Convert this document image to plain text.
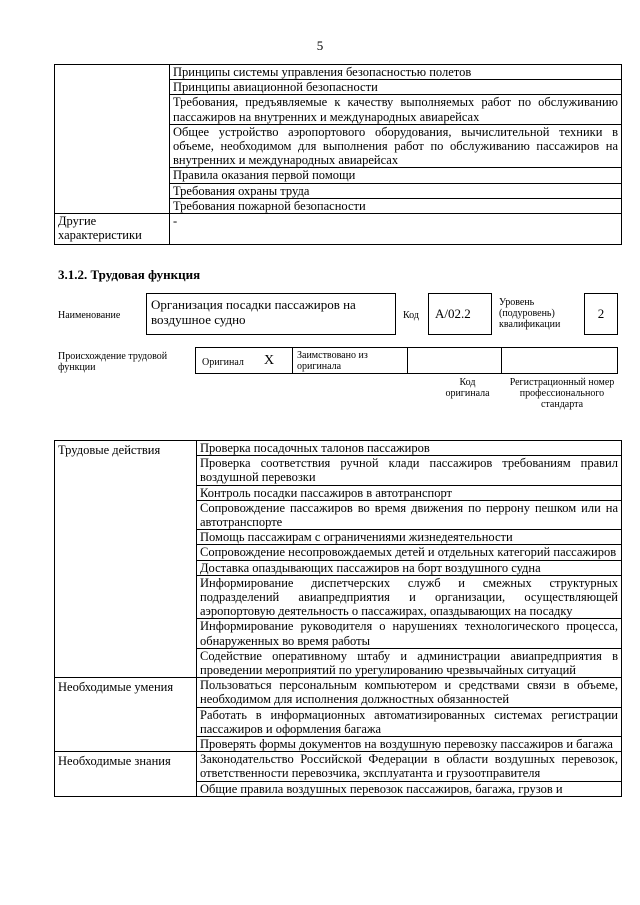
5
	Принципы системы управления безопасностью полетов
	Принципы авиационной безопасности
	Требования, предъявляемые к качеству выполняемых работ по обслуживанию пассажиров на внутренних и международных авиарейсах
	Общее устройство аэропортового оборудования, вычислительной техники в объеме, необходимом для выполнения работ по обслуживанию пассажиров на внутренних и международных авиарейсах
	Правила оказания первой помощи
	Требования охраны труда
	Требования пожарной безопасности
Другие характеристики	-
3.1.2. Трудовая функция
Наименование
Организация посадки пассажиров на воздушное судно	Код	А/02.2
Уровень (подуровень) квалификации
2
Происхождение трудовой функции	Оригинал X Заимствовано из оригинала
Код оригинала
Регистрационный номер профессионального стандарта
Трудовые действия	Проверка посадочных талонов пассажиров
	Проверка соответствия ручной клади пассажиров требованиям правил воздушной перевозки
	Контроль посадки пассажиров в автотранспорт
	Сопровождение пассажиров во время движения по перрону пешком или на автотранспорте
	Помощь пассажирам с ограничениями жизнедеятельности
	Сопровождение несопровождаемых детей и отдельных категорий пассажиров
	Доставка опаздывающих пассажиров на борт воздушного судна
	Информирование диспетчерских служб и смежных структурных подразделений авиапредприятия и организации, осуществляющей аэропортовую деятельность о пассажирах, опаздывающих на посадку
	Информирование руководителя о нарушениях технологического процесса, обнаруженных во время работы
	Содействие оперативному штабу и администрации авиапредприятия в проведении мероприятий по урегулированию чрезвычайных ситуаций
Необходимые умения	Пользоваться персональным компьютером и средствами связи в объеме, необходимом для исполнения должностных обязанностей
	Работать в информационных автоматизированных системах регистрации пассажиров и оформления багажа
	Проверять формы документов на воздушную перевозку пассажиров и багажа
Необходимые знания	Законодательство Российской Федерации в области воздушных перевозок, ответственности перевозчика, эксплуатанта и грузоотправителя
	Общие правила воздушных перевозок пассажиров, багажа, грузов и
